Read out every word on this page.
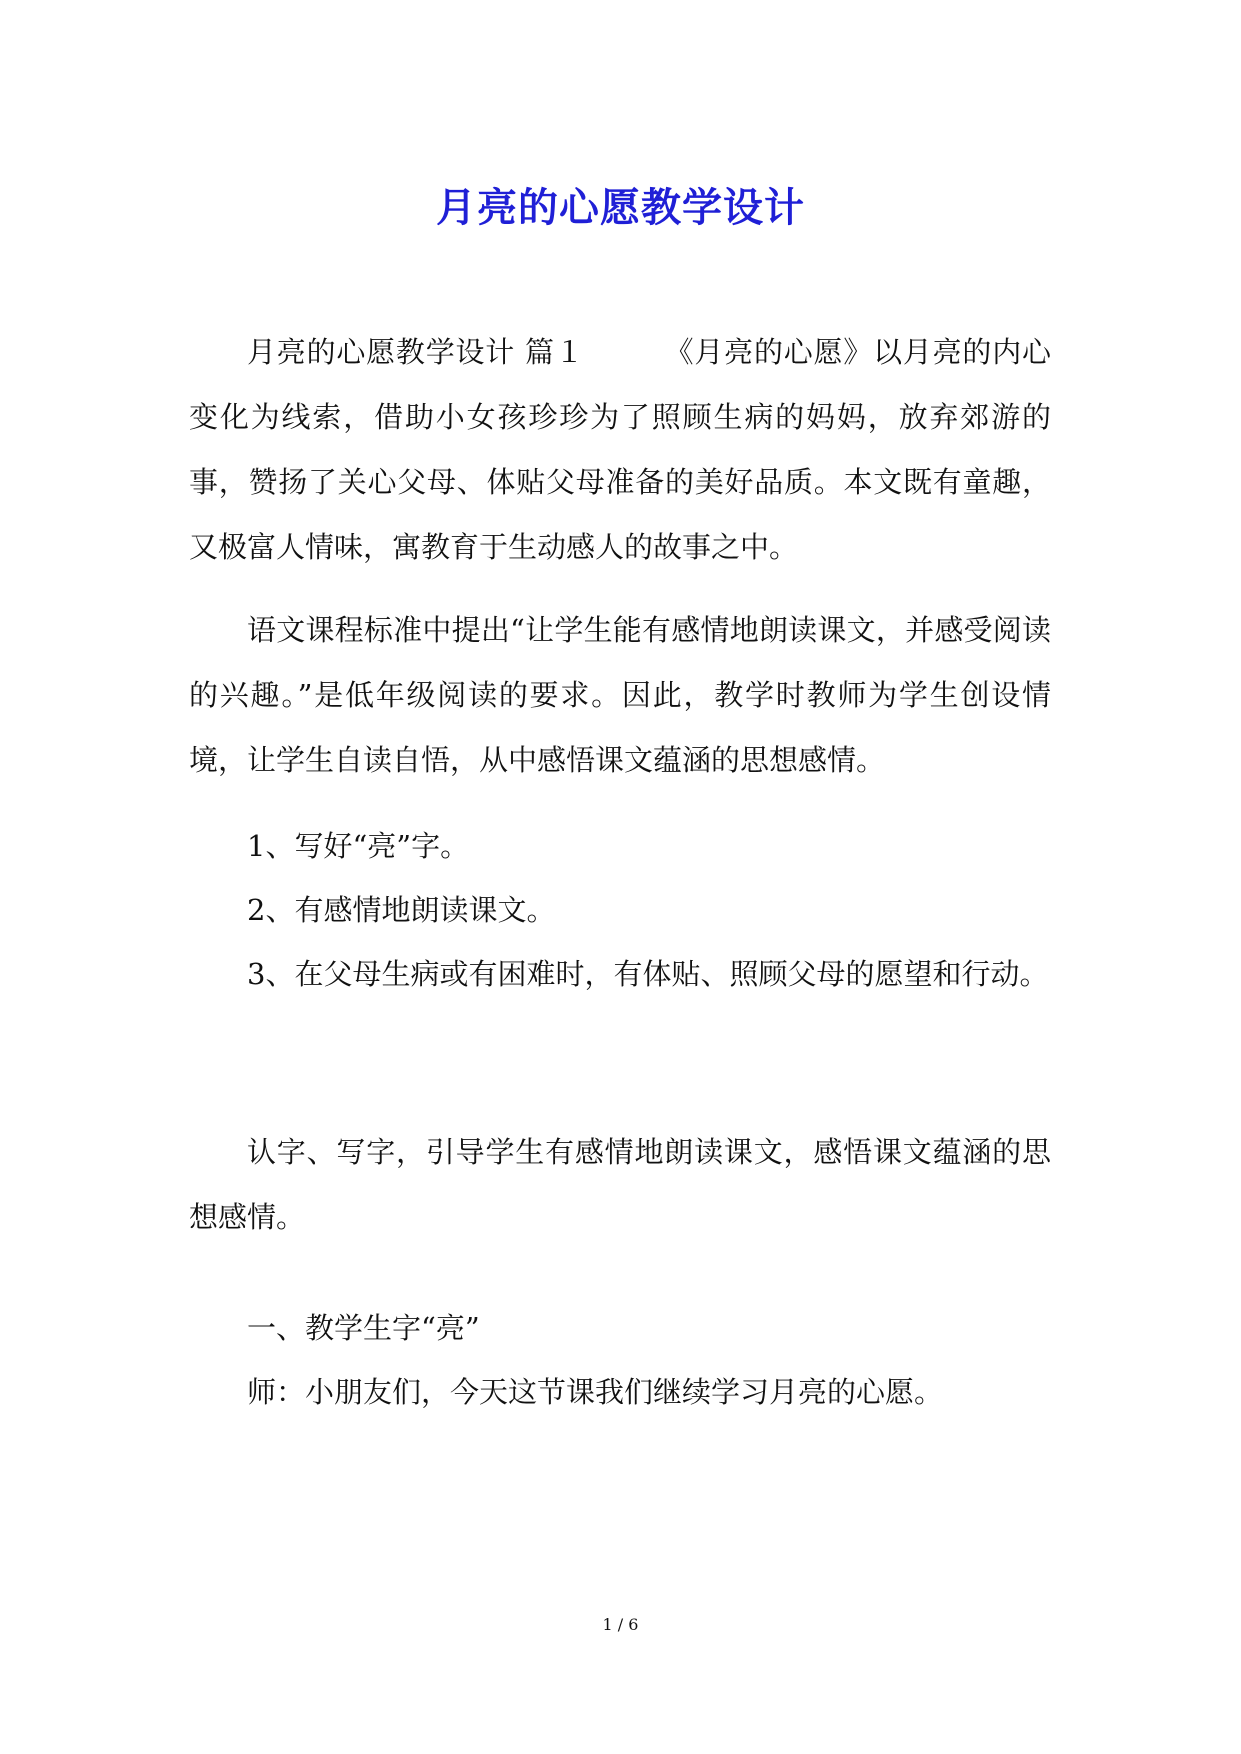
月亮的心愿教学设计

月亮的心愿教学设计 篇１        《月亮的心愿》以月亮的内心变化为线索，借助小女孩珍珍为了照顾生病的妈妈，放弃郊游的事，赞扬了关心父母、体贴父母准备的美好品质。本文既有童趣，又极富人情味，寓教育于生动感人的故事之中。

语文课程标准中提出“让学生能有感情地朗读课文，并感受阅读的兴趣。”是低年级阅读的要求。因此，教学时教师为学生创设情境，让学生自读自悟，从中感悟课文蕴涵的思想感情。

1、写好“亮”字。

2、有感情地朗读课文。

3、在父母生病或有困难时，有体贴、照顾父母的愿望和行动。

认字、写字，引导学生有感情地朗读课文，感悟课文蕴涵的思想感情。

一、教学生字“亮”

师：小朋友们，今天这节课我们继续学习月亮的心愿。

1 / 6
